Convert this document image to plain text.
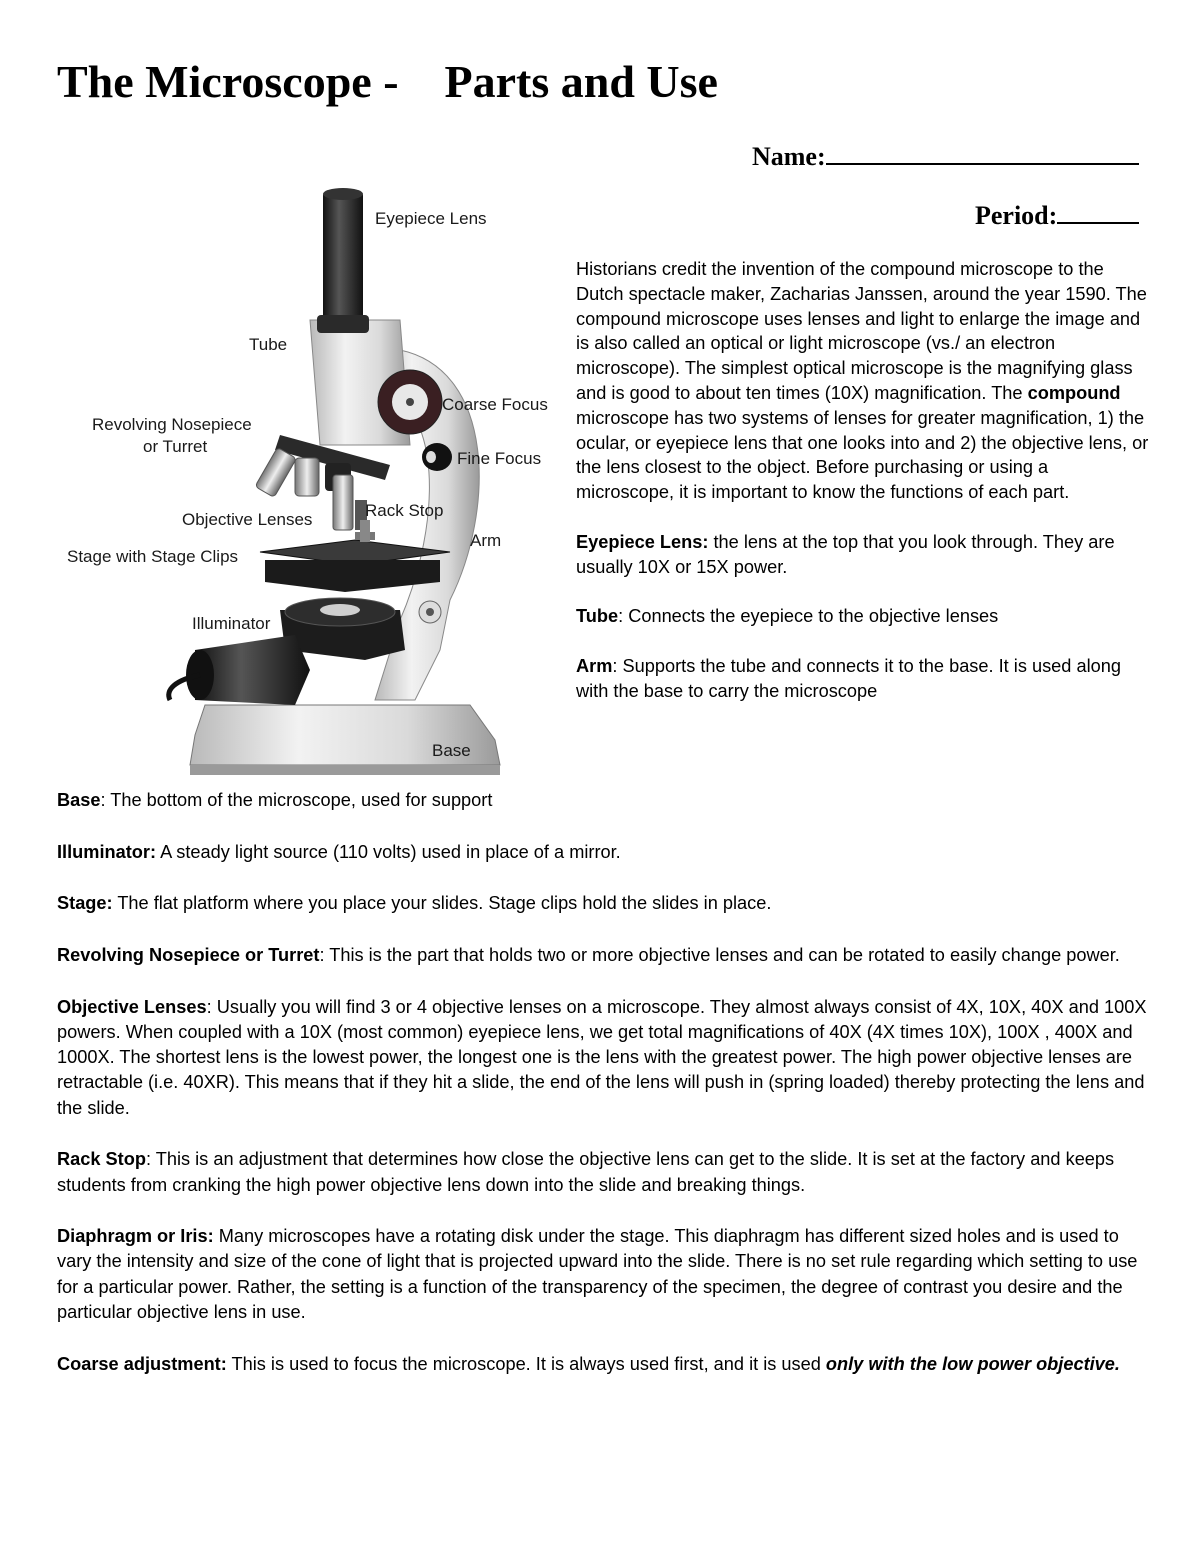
The Microscope -    Parts and Use
Name:
Period:
Eyepiece Lens
Tube
Coarse Focus
Revolving Nosepiece
or Turret
Fine Focus
Objective Lenses	Rack Stop
Arm
Stage with Stage Clips
Illuminator
Base

Historians credit the invention of the compound microscope to the Dutch spectacle maker, Zacharias Janssen, around the year 1590. The compound microscope uses lenses and light to enlarge the image and is also called an optical or light microscope (vs./ an electron microscope). The simplest optical microscope is the magnifying glass and is good to about ten times (10X) magnification. The compound microscope has two systems of lenses for greater magnification, 1) the ocular, or eyepiece lens that one looks into and 2) the objective lens, or the lens closest to the object. Before purchasing or using a microscope, it is important to know the functions of each part.

Eyepiece Lens: the lens at the top that you look through. They are usually 10X or 15X power.

Tube: Connects the eyepiece to the objective lenses

Arm: Supports the tube and connects it to the base. It is used along with the base to carry the microscope

Base: The bottom of the microscope, used for support

Illuminator: A steady light source (110 volts) used in place of a mirror.

Stage: The flat platform where you place your slides. Stage clips hold the slides in place.

Revolving Nosepiece or Turret: This is the part that holds two or more objective lenses and can be rotated to easily change power.

Objective Lenses: Usually you will find 3 or 4 objective lenses on a microscope. They almost always consist of 4X, 10X, 40X and 100X powers. When coupled with a 10X (most common) eyepiece lens, we get total magnifications of 40X (4X times 10X), 100X , 400X and 1000X. The shortest lens is the lowest power, the longest one is the lens with the greatest power. The high power objective lenses are retractable (i.e. 40XR). This means that if they hit a slide, the end of the lens will push in (spring loaded) thereby protecting the lens and the slide.

Rack Stop: This is an adjustment that determines how close the objective lens can get to the slide. It is set at the factory and keeps students from cranking the high power objective lens down into the slide and breaking things.

Diaphragm or Iris: Many microscopes have a rotating disk under the stage. This diaphragm has different sized holes and is used to vary the intensity and size of the cone of light that is projected upward into the slide. There is no set rule regarding which setting to use for a particular power. Rather, the setting is a function of the transparency of the specimen, the degree of contrast you desire and the particular objective lens in use.

Coarse adjustment: This is used to focus the microscope. It is always used first, and it is used only with the low power objective.
